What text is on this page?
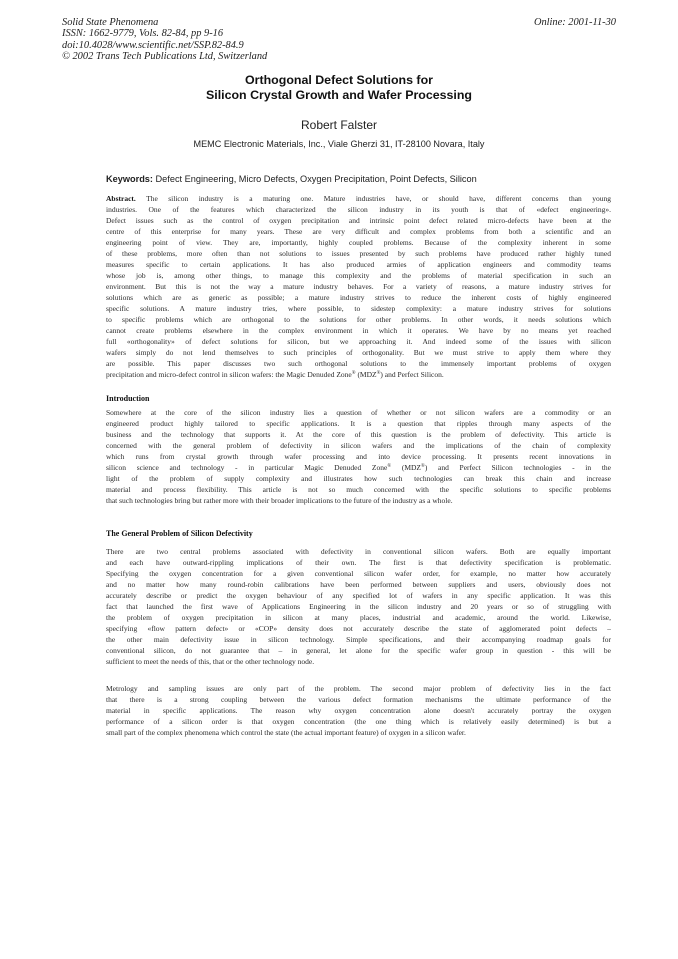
Solid State Phenomena
ISSN: 1662-9779, Vols. 82-84, pp 9-16
doi:10.4028/www.scientific.net/SSP.82-84.9
© 2002 Trans Tech Publications Ltd, Switzerland
Online: 2001-11-30
Orthogonal Defect Solutions for
Silicon Crystal Growth and Wafer Processing
Robert Falster
MEMC Electronic Materials, Inc., Viale Gherzi 31, IT-28100 Novara, Italy
Keywords: Defect Engineering, Micro Defects, Oxygen Precipitation, Point Defects, Silicon
Abstract. The silicon industry is a maturing one. Mature industries have, or should have, different concerns than young
industries. One of the features which characterized the silicon industry in its youth is that of «defect engineering».
Defect issues such as the control of oxygen precipitation and intrinsic point defect related micro-defects have been at the
centre of this enterprise for many years. These are very difficult and complex problems from both a scientific and an
engineering point of view. They are, importantly, highly coupled problems. Because of the complexity inherent in some
of these problems, more often than not solutions to issues presented by such problems have produced rather highly tuned
measures specific to certain applications. It has also produced armies of application engineers and commodity teams
whose job is, among other things, to manage this complexity and the problems of material specification in such an
environment. But this is not the way a mature industry behaves. For a variety of reasons, a mature industry strives for
solutions which are as generic as possible; a mature industry strives to reduce the inherent costs of highly engineered
specific solutions. A mature industry tries, where possible, to sidestep complexity: a mature industry strives for solutions
to specific problems which are orthogonal to the solutions for other problems. In other words, it needs solutions which
cannot create problems elsewhere in the complex environment in which it operates. We have by no means yet reached
full «orthogonality» of defect solutions for silicon, but we approaching it. And indeed some of the issues with silicon
wafers simply do not lend themselves to such principles of orthogonality. But we must strive to apply them where they
are possible. This paper discusses two such orthogonal solutions to the immensely important problems of oxygen
precipitation and micro-defect control in silicon wafers: the Magic Denuded Zone® (MDZ®) and Perfect Silicon.
Introduction
Somewhere at the core of the silicon industry lies a question of whether or not silicon wafers are a commodity or an
engineered product highly tailored to specific applications. It is a question that ripples through many aspects of the
business and the technology that supports it. At the core of this question is the problem of defectivity. This article is
concerned with the general problem of defectivity in silicon wafers and the implications of the chain of complexity
which runs from crystal growth through wafer processing and into device processing. It presents recent innovations in
silicon science and technology - in particular Magic Denuded Zone® (MDZ®) and Perfect Silicon technologies - in the
light of the problem of supply complexity and illustrates how such technologies can break this chain and increase
material and process flexibility. This article is not so much concerned with the specific solutions to specific problems
that such technologies bring but rather more with their broader implications to the future of the industry as a whole.
The General Problem of Silicon Defectivity
There are two central problems associated with defectivity in conventional silicon wafers. Both are equally important
and each have outward-rippling implications of their own. The first is that defectivity specification is problematic.
Specifying the oxygen concentration for a given conventional silicon wafer order, for example, no matter how accurately
and no matter how many round-robin calibrations have been performed between suppliers and users, obviously does not
accurately describe or predict the oxygen behaviour of any specified lot of wafers in any specific application. It was this
fact that launched the first wave of Applications Engineering in the silicon industry and 20 years or so of struggling with
the problem of oxygen precipitation in silicon at many places, industrial and academic, around the world. Likewise,
specifying «flow pattern defect» or «COP» density does not accurately describe the state of agglomerated point defects –
the other main defectivity issue in silicon technology. Simple specifications, and their accompanying roadmap goals for
conventional silicon, do not guarantee that – in general, let alone for the specific wafer group in question - this will be
sufficient to meet the needs of this, that or the other technology node.
Metrology and sampling issues are only part of the problem. The second major problem of defectivity lies in the fact
that there is a strong coupling between the various defect formation mechanisms the ultimate performance of the
material in specific applications. The reason why oxygen concentration alone doesn't accurately portray the oxygen
performance of a silicon order is that oxygen concentration (the one thing which is relatively easily determined) is but a
small part of the complex phenomena which control the state (the actual important feature) of oxygen in a silicon wafer.
